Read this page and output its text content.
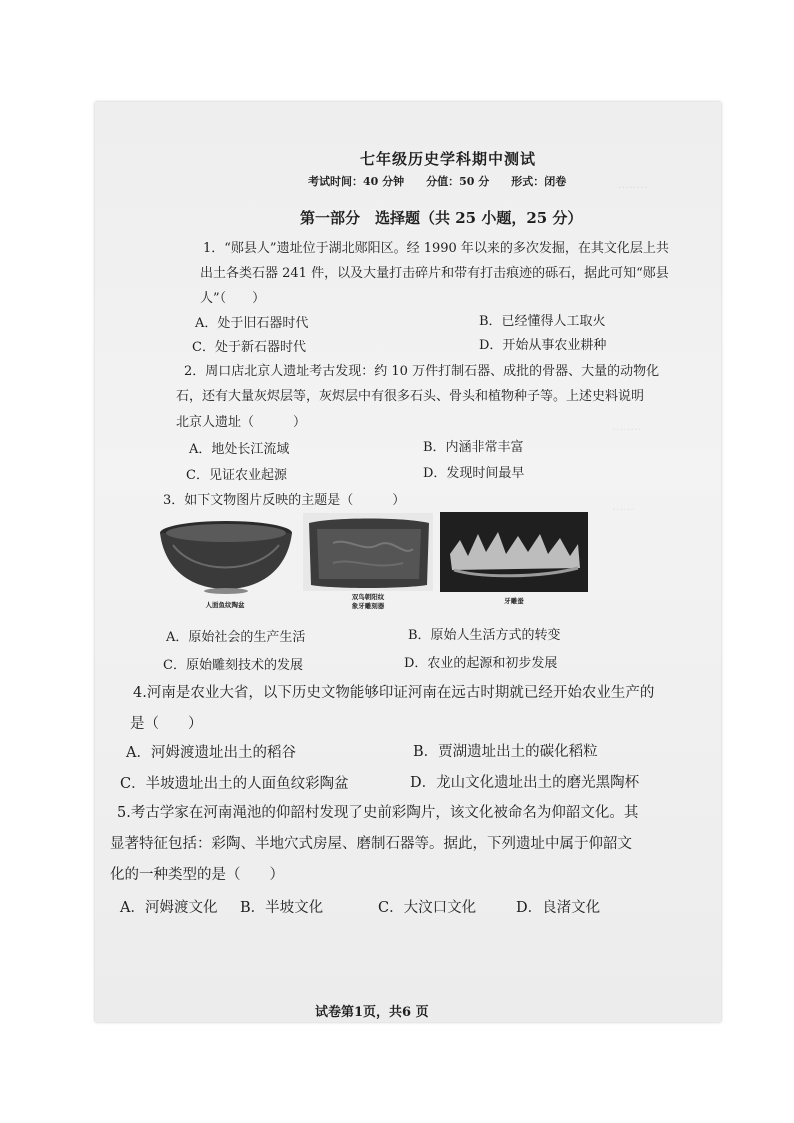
‥‥‥‥
‥‥‥‥
‥‥‥
七年级历史学科期中测试
考试时间：40 分钟　　分值：50 分　　形式：闭卷
第一部分　选择题（共 25 小题，25 分）
1．“郧县人”遗址位于湖北郧阳区。经 1990 年以来的多次发掘，在其文化层上共
出土各类石器 241 件，以及大量打击碎片和带有打击痕迹的砾石，据此可知“郧县
人”（　　）
A．处于旧石器时代	B．已经懂得人工取火
C．处于新石器时代	D．开始从事农业耕种
2．周口店北京人遗址考古发现：约 10 万件打制石器、成批的骨器、大量的动物化
石，还有大量灰烬层等，灰烬层中有很多石头、骨头和植物种子等。上述史料说明
北京人遗址（　　　）
A．地处长江流域	B．内涵非常丰富
C．见证农业起源	D．发现时间最早
3．如下文物图片反映的主题是（　　　）
人面鱼纹陶盆
双鸟朝阳纹
象牙雕刻器
牙雕蚕
A．原始社会的生产生活	B．原始人生活方式的转变
C．原始雕刻技术的发展	D．农业的起源和初步发展
4.河南是农业大省，以下历史文物能够印证河南在远古时期就已经开始农业生产的
是（　　）
A．河姆渡遗址出土的稻谷	B．贾湖遗址出土的碳化稻粒
C．半坡遗址出土的人面鱼纹彩陶盆	D．龙山文化遗址出土的磨光黑陶杯
5.考古学家在河南渑池的仰韶村发现了史前彩陶片，该文化被命名为仰韶文化。其
显著特征包括：彩陶、半地穴式房屋、磨制石器等。据此，下列遗址中属于仰韶文
化的一种类型的是（　　）
A．河姆渡文化 B．半坡文化	C．大汶口文化	D．良渚文化
试卷第1页，共6 页
